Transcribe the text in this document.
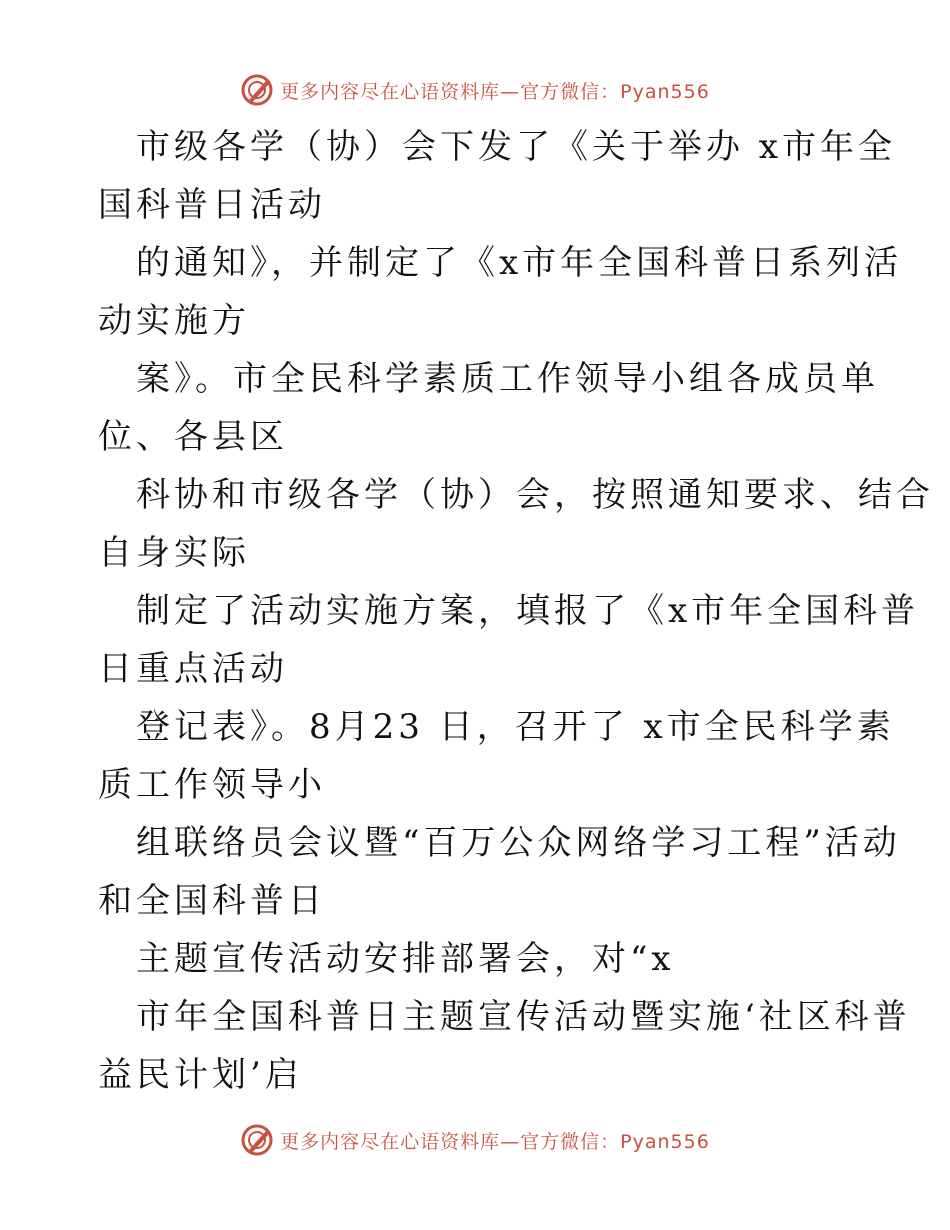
更多内容尽在心语资料库—官方微信：Pyan556
市级各学（协）会下发了《关于举办 x市年全
国科普日活动
的通知》，并制定了《x市年全国科普日系列活
动实施方
案》。市全民科学素质工作领导小组各成员单
位、各县区
科协和市级各学（协）会，按照通知要求、结合
自身实际
制定了活动实施方案，填报了《x市年全国科普
日重点活动
登记表》。8月23 日，召开了 x市全民科学素
质工作领导小
组联络员会议暨“百万公众网络学习工程”活动
和全国科普日
主题宣传活动安排部署会，对“x
市年全国科普日主题宣传活动暨实施‘社区科普
益民计划’启
更多内容尽在心语资料库—官方微信：Pyan556
